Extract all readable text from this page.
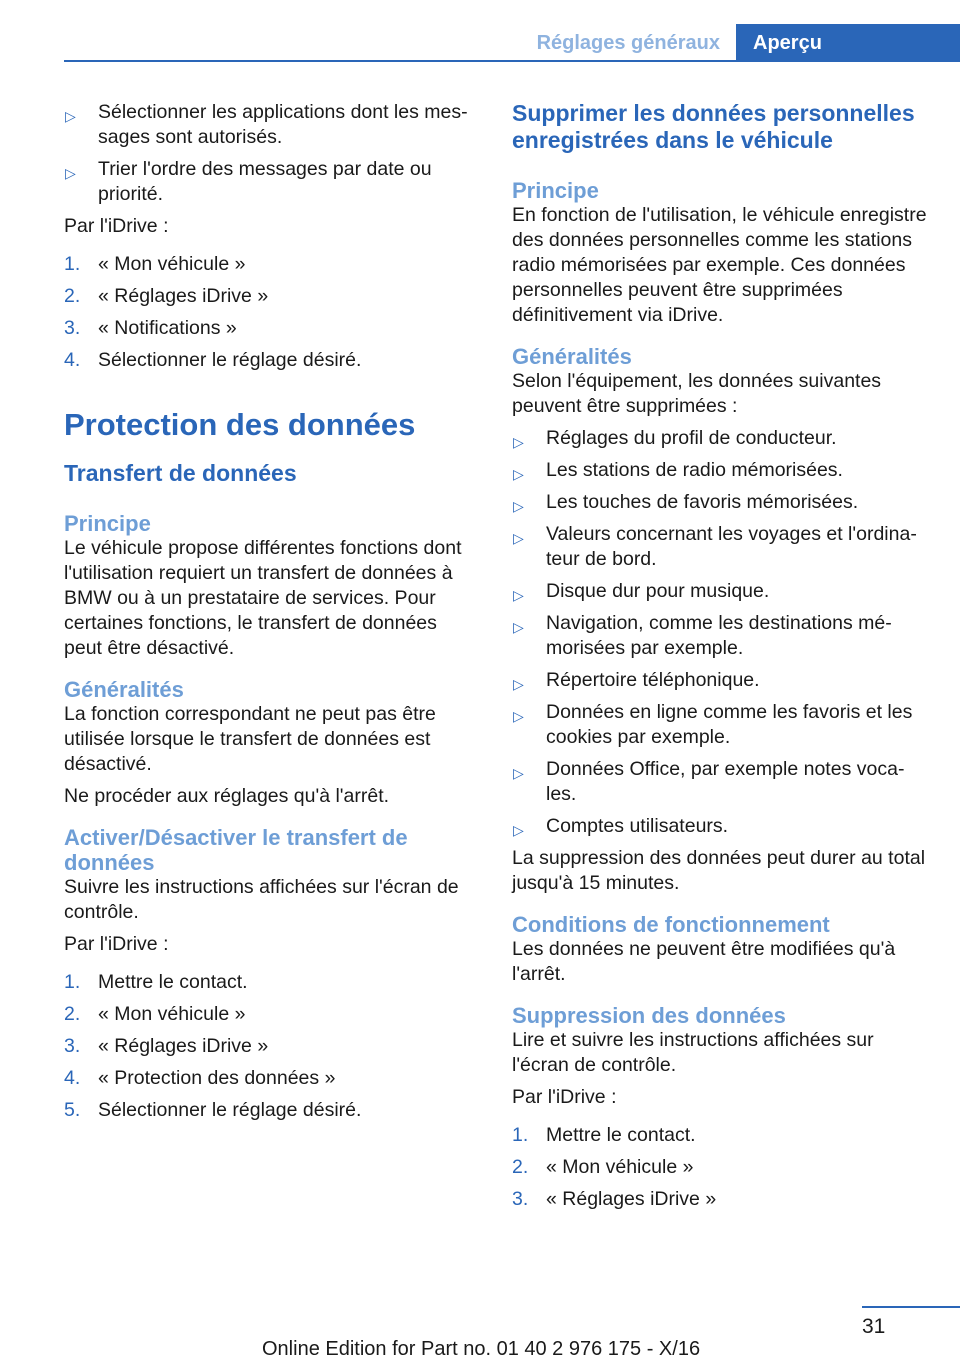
Réglages généraux	Aperçu
▷ Sélectionner les applications dont les messages sont autorisés.
▷ Trier l'ordre des messages par date ou priorité.

Par l'iDrive :

1. « Mon véhicule »
2. « Réglages iDrive »
3. « Notifications »
4. Sélectionner le réglage désiré.
Protection des données
Transfert de données
Principe

Le véhicule propose différentes fonctions dont l'utilisation requiert un transfert de données à BMW ou à un prestataire de services. Pour certaines fonctions, le transfert de données peut être désactivé.

Généralités

La fonction correspondant ne peut pas être utilisée lorsque le transfert de données est désactivé.

Ne procéder aux réglages qu'à l'arrêt.

Activer/Désactiver le transfert de données

Suivre les instructions affichées sur l'écran de contrôle.

Par l'iDrive :

1. Mettre le contact.
2. « Mon véhicule »
3. « Réglages iDrive »
4. « Protection des données »
5. Sélectionner le réglage désiré.
Supprimer les données personnelles enregistrées dans le véhicule
Principe

En fonction de l'utilisation, le véhicule enregistre des données personnelles comme les stations radio mémorisées par exemple. Ces données personnelles peuvent être supprimées définitivement via iDrive.

Généralités

Selon l'équipement, les données suivantes peuvent être supprimées :

▷ Réglages du profil de conducteur.
▷ Les stations de radio mémorisées.
▷ Les touches de favoris mémorisées.
▷ Valeurs concernant les voyages et l'ordinateur de bord.
▷ Disque dur pour musique.
▷ Navigation, comme les destinations mémorisées par exemple.
▷ Répertoire téléphonique.
▷ Données en ligne comme les favoris et les cookies par exemple.
▷ Données Office, par exemple notes vocales.
▷ Comptes utilisateurs.

La suppression des données peut durer au total jusqu'à 15 minutes.

Conditions de fonctionnement

Les données ne peuvent être modifiées qu'à l'arrêt.

Suppression des données

Lire et suivre les instructions affichées sur l'écran de contrôle.

Par l'iDrive :

1. Mettre le contact.
2. « Mon véhicule »
3. « Réglages iDrive »
31
Online Edition for Part no. 01 40 2 976 175 - X/16
